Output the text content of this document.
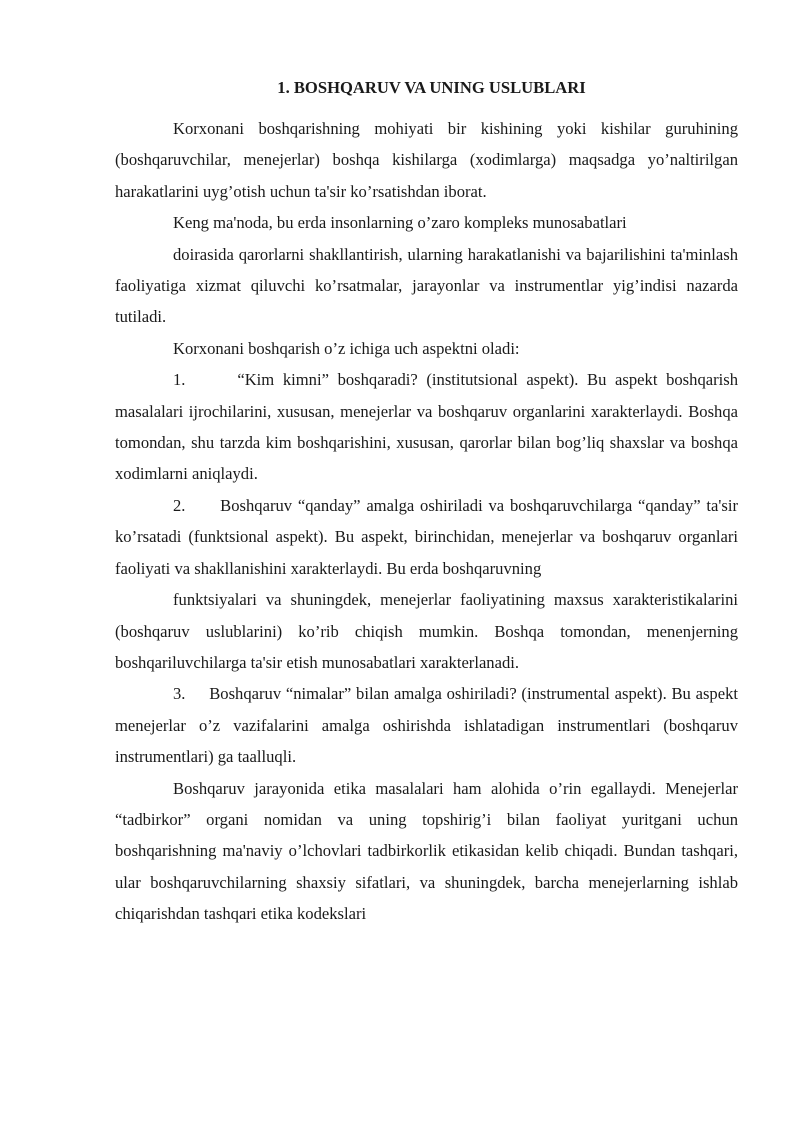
1. BOSHQARUV VA UNING USLUBLARI

Korxonani boshqarishning mohiyati bir kishining yoki kishilar guruhining (boshqaruvchilar, menejerlar) boshqa kishilarga (xodimlarga) maqsadga yo’naltirilgan harakatlarini uyg’otish uchun ta'sir ko’rsatishdan iborat.

Keng ma'noda, bu erda insonlarning o’zaro kompleks munosabatlari

doirasida qarorlarni shakllantirish, ularning harakatlanishi va bajarilishini ta'minlash faoliyatiga xizmat qiluvchi ko’rsatmalar, jarayonlar va instrumentlar yig’indisi nazarda tutiladi.

Korxonani boshqarish o’z ichiga uch aspektni oladi:

1.      “Kim kimni” boshqaradi? (institutsional aspekt). Bu aspekt boshqarish masalalari ijrochilarini, xususan, menejerlar va boshqaruv organlarini xarakterlaydi. Boshqa tomondan, shu tarzda kim boshqarishini, xususan, qarorlar bilan bog’liq shaxslar va boshqa xodimlarni aniqlaydi.

2.      Boshqaruv “qanday” amalga oshiriladi va boshqaruvchilarga “qanday” ta'sir ko’rsatadi (funktsional aspekt). Bu aspekt, birinchidan, menejerlar va boshqaruv organlari faoliyati va shakllanishini xarakterlaydi. Bu erda boshqaruvning

funktsiyalari va shuningdek, menejerlar faoliyatining maxsus xarakteristikalarini (boshqaruv uslublarini) ko’rib chiqish mumkin. Boshqa tomondan, menenjerning boshqariluvchilarga ta'sir etish munosabatlari xarakterlanadi.

3.     Boshqaruv “nimalar” bilan amalga oshiriladi? (instrumental aspekt). Bu aspekt menejerlar o’z vazifalarini amalga oshirishda ishlatadigan instrumentlari (boshqaruv instrumentlari) ga taalluqli.

Boshqaruv jarayonida etika masalalari ham alohida o’rin egallaydi. Menejerlar “tadbirkor” organi nomidan va uning topshirig’i bilan faoliyat yuritgani uchun boshqarishning ma'naviy o’lchovlari tadbirkorlik etikasidan kelib chiqadi. Bundan tashqari, ular boshqaruvchilarning shaxsiy sifatlari, va shuningdek, barcha menejerlarning ishlab chiqarishdan tashqari etika kodekslari
